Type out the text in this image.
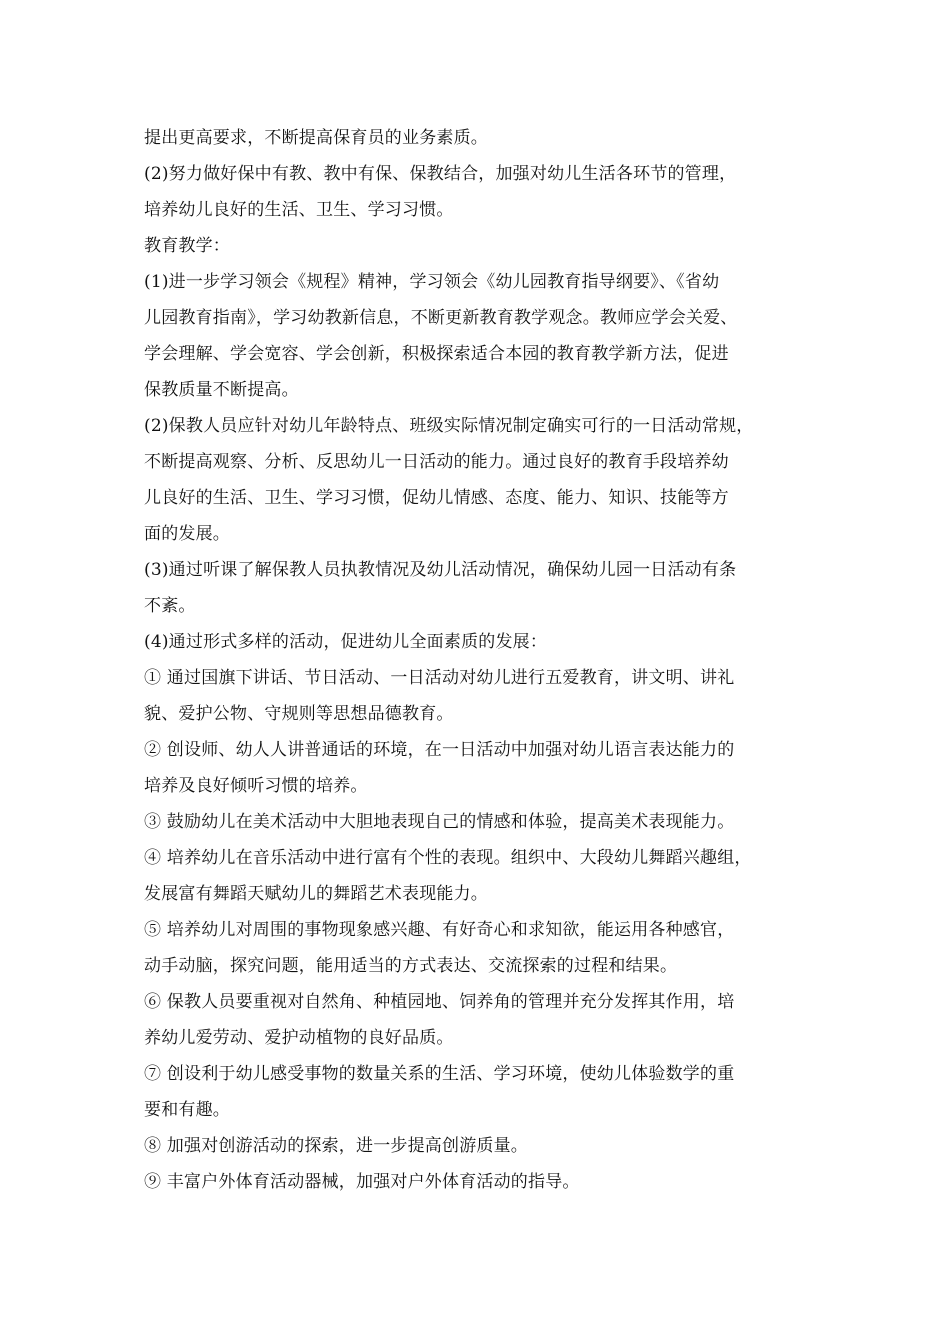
提出更高要求，不断提高保育员的业务素质。
(2)努力做好保中有教、教中有保、保教结合，加强对幼儿生活各环节的管理，
培养幼儿良好的生活、卫生、学习习惯。
教育教学：
(1)进一步学习领会《规程》精神，学习领会《幼儿园教育指导纲要》、《省幼
儿园教育指南》，学习幼教新信息，不断更新教育教学观念。教师应学会关爱、
学会理解、学会宽容、学会创新，积极探索适合本园的教育教学新方法，促进
保教质量不断提高。
(2)保教人员应针对幼儿年龄特点、班级实际情况制定确实可行的一日活动常规，
不断提高观察、分析、反思幼儿一日活动的能力。通过良好的教育手段培养幼
儿良好的生活、卫生、学习习惯，促幼儿情感、态度、能力、知识、技能等方
面的发展。
(3)通过听课了解保教人员执教情况及幼儿活动情况，确保幼儿园一日活动有条
不紊。
(4)通过形式多样的活动，促进幼儿全面素质的发展：
① 通过国旗下讲话、节日活动、一日活动对幼儿进行五爱教育，讲文明、讲礼
貌、爱护公物、守规则等思想品德教育。
② 创设师、幼人人讲普通话的环境，在一日活动中加强对幼儿语言表达能力的
培养及良好倾听习惯的培养。
③ 鼓励幼儿在美术活动中大胆地表现自己的情感和体验，提高美术表现能力。
④ 培养幼儿在音乐活动中进行富有个性的表现。组织中、大段幼儿舞蹈兴趣组，
发展富有舞蹈天赋幼儿的舞蹈艺术表现能力。
⑤ 培养幼儿对周围的事物现象感兴趣、有好奇心和求知欲，能运用各种感官，
动手动脑，探究问题，能用适当的方式表达、交流探索的过程和结果。
⑥ 保教人员要重视对自然角、种植园地、饲养角的管理并充分发挥其作用，培
养幼儿爱劳动、爱护动植物的良好品质。
⑦ 创设利于幼儿感受事物的数量关系的生活、学习环境，使幼儿体验数学的重
要和有趣。
⑧ 加强对创游活动的探索，进一步提高创游质量。
⑨ 丰富户外体育活动器械，加强对户外体育活动的指导。
